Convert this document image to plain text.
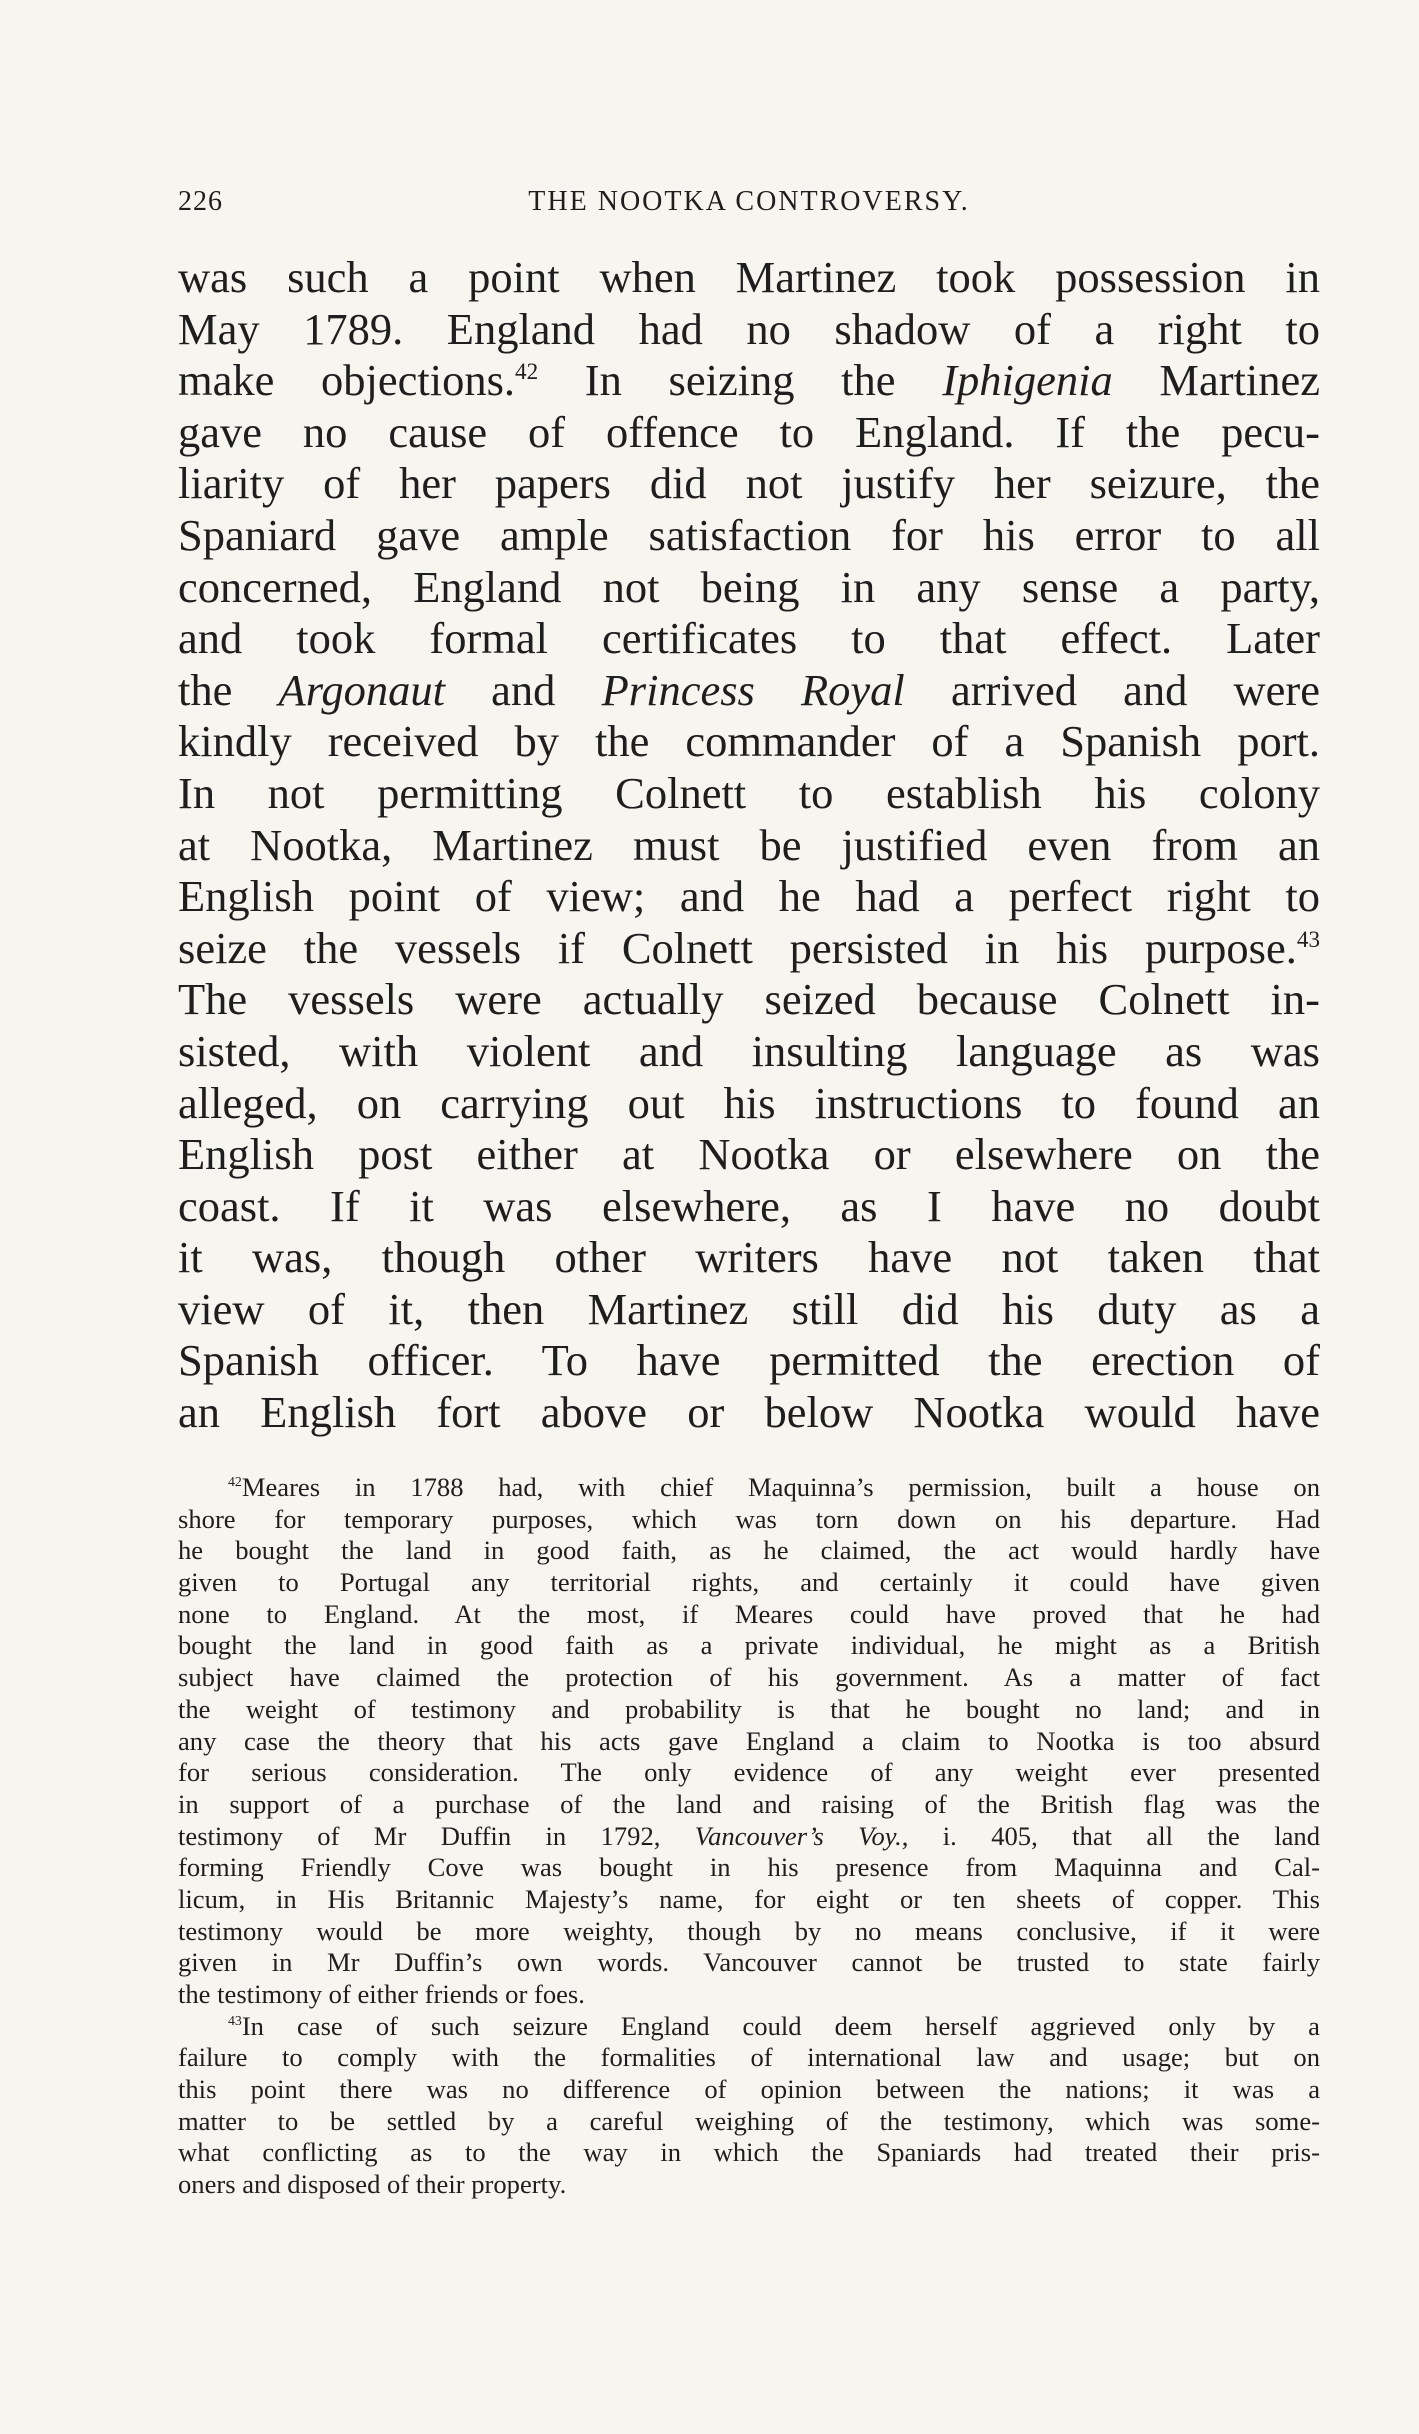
226	THE NOOTKA CONTROVERSY.
was such a point when Martinez took possession in
May 1789. England had no shadow of a right to
make objections.$^{42}$ In seizing the Iphigenia Martinez
gave no cause of offence to England. If the pecu-
liarity of her papers did not justify her seizure, the
Spaniard gave ample satisfaction for his error to all
concerned, England not being in any sense a party,
and took formal certificates to that effect. Later
the Argonaut and Princess Royal arrived and were
kindly received by the commander of a Spanish port.
In not permitting Colnett to establish his colony
at Nootka, Martinez must be justified even from an
English point of view; and he had a perfect right to
seize the vessels if Colnett persisted in his purpose.$^{43}$
The vessels were actually seized because Colnett in-
sisted, with violent and insulting language as was
alleged, on carrying out his instructions to found an
English post either at Nootka or elsewhere on the
coast. If it was elsewhere, as I have no doubt
it was, though other writers have not taken that
view of it, then Martinez still did his duty as a
Spanish officer. To have permitted the erection of
an English fort above or below Nootka would have
$^{42}$Meares in 1788 had, with chief Maquinna’s permission, built a house on
shore for temporary purposes, which was torn down on his departure. Had
he bought the land in good faith, as he claimed, the act would hardly have
given to Portugal any territorial rights, and certainly it could have given
none to England. At the most, if Meares could have proved that he had
bought the land in good faith as a private individual, he might as a British
subject have claimed the protection of his government. As a matter of fact
the weight of testimony and probability is that he bought no land; and in
any case the theory that his acts gave England a claim to Nootka is too absurd
for serious consideration. The only evidence of any weight ever presented
in support of a purchase of the land and raising of the British flag was the
testimony of Mr Duffin in 1792, Vancouver’s Voy., i. 405, that all the land
forming Friendly Cove was bought in his presence from Maquinna and Cal-
licum, in His Britannic Majesty’s name, for eight or ten sheets of copper. This
testimony would be more weighty, though by no means conclusive, if it were
given in Mr Duffin’s own words. Vancouver cannot be trusted to state fairly
the testimony of either friends or foes.
$^{43}$In case of such seizure England could deem herself aggrieved only by a
failure to comply with the formalities of international law and usage; but on
this point there was no difference of opinion between the nations; it was a
matter to be settled by a careful weighing of the testimony, which was some-
what conflicting as to the way in which the Spaniards had treated their pris-
oners and disposed of their property.
